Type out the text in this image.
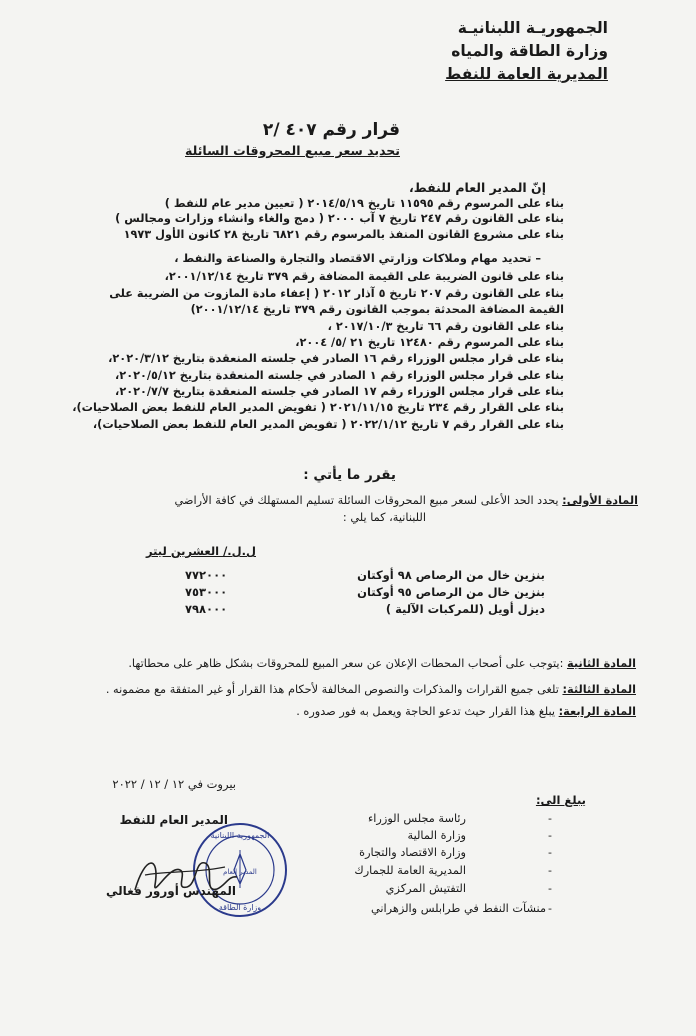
الجمهوريـة اللبنانيـة
وزارة الطاقة والمياه
المديرية العامة للنفط
قرار رقم ٤٠٧ /٢
تحديد سعر مبيع المحروقات السائلة
إنّ المدير العام للنفط،
بناء على المرسوم رقم ١١٥٩٥ تاريخ ٢٠١٤/٥/١٩ ( تعيين مدير عام للنفط )
بناء على القانون رقم ٢٤٧ تاريخ ٧ آب ٢٠٠٠ ( دمج والغاء وانشاء وزارات ومجالس )
بناء على مشروع القانون المنفذ بالمرسوم رقم ٦٨٢١ تاريخ ٢٨ كانون الأول ١٩٧٣
– تحديد مهام وملاكات وزارتي الاقتصاد والتجارة والصناعة والنفط ،
بناء على قانون الضريبة على القيمة المضافة رقم ٣٧٩ تاريخ ٢٠٠١/١٢/١٤،
بناء على القانون رقم ٢٠٧ تاريخ ٥ آذار ٢٠١٢ ( إعفاء مادة المازوت من الضريبة على
القيمة المضافة المحدثة بموجب القانون رقم ٣٧٩ تاريخ ٢٠٠١/١٢/١٤)
بناء على القانون رقم ٦٦ تاريخ ٢٠١٧/١٠/٣ ،
بناء على المرسوم رقم ١٢٤٨٠ تاريخ ٢١ /٥/ ٢٠٠٤،
بناء على قرار مجلس الوزراء رقم ١٦ الصادر في جلسته المنعقدة بتاريخ ٢٠٢٠/٣/١٢،
بناء على قرار مجلس الوزراء رقم ١ الصادر في جلسته المنعقدة بتاريخ ٢٠٢٠/٥/١٢،
بناء على قرار مجلس الوزراء رقم ١٧ الصادر في جلسته المنعقدة بتاريخ ٢٠٢٠/٧/٧،
بناء على القرار رقم ٢٣٤ تاريخ ٢٠٢١/١١/١٥ ( تفويض المدير العام للنفط بعض الصلاحيات)،
بناء على القرار رقم ٧ تاريخ ٢٠٢٢/١/١٢ ( تفويض المدير العام للنفط بعض الصلاحيات)،
يقرر ما يأتي :
المادة الأولى: يحدد الحد الأعلى لسعر مبيع المحروقات السائلة تسليم المستهلك في كافة الأراضي
اللبنانية، كما يلي :
ل.ل./ العشرين ليتر
بنزين خال من الرصاص ٩٨ أوكتان
٧٧٢٠٠٠
بنزين خال من الرصاص ٩٥ أوكتان
٧٥٣٠٠٠
ديزل أويل (للمركبات الآلية )
٧٩٨٠٠٠
المادة الثانية :يتوجب على أصحاب المحطات الإعلان عن سعر المبيع للمحروقات بشكل ظاهر على محطاتها.
المادة الثالثة: تلغى جميع القرارات والمذكرات والنصوص المخالفة لأحكام هذا القرار أو غير المتفقة مع مضمونه .
المادة الرابعة: يبلغ هذا القرار حيث تدعو الحاجة ويعمل به فور صدوره .
بيروت في ١٢ / ١٢ / ٢٠٢٢
المدير العام للنفط
الجمهورية اللبنانية
المدير العام
وزارة الطاقة
المهندس أورور فغالي
يبلغ الى:
رئاسة مجلس الوزراء	-
وزارة المالية	-
وزارة الاقتصاد والتجارة	-
المديرية العامة للجمارك	-
التفتيش المركزي	-
منشآت النفط في طرابلس والزهراني -
